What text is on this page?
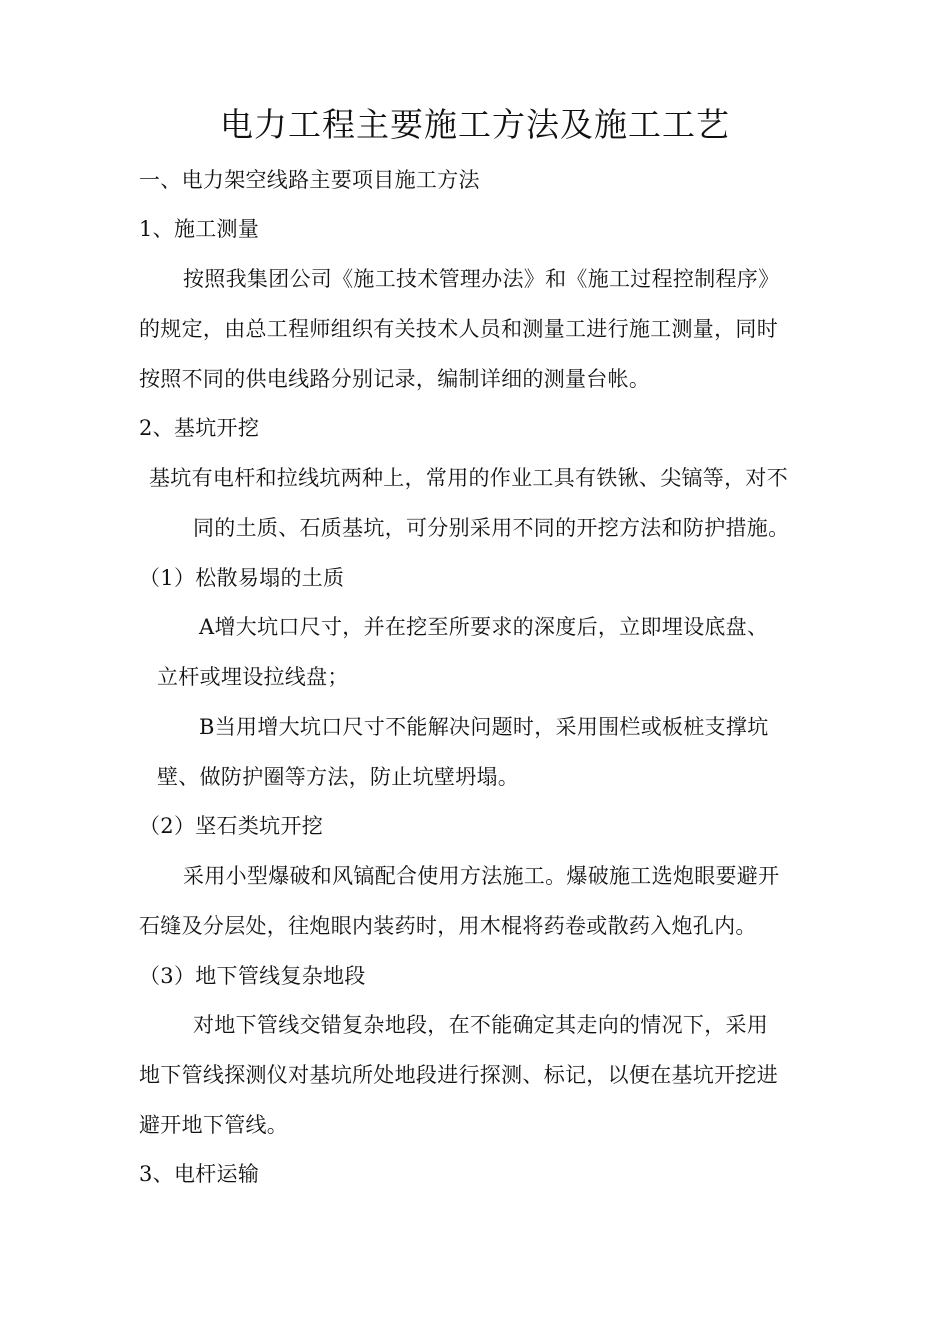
电力工程主要施工方法及施工工艺
一、电力架空线路主要项目施工方法
1、施工测量
按照我集团公司《施工技术管理办法》和《施工过程控制程序》
的规定，由总工程师组织有关技术人员和测量工进行施工测量，同时
按照不同的供电线路分别记录，编制详细的测量台帐。
2、基坑开挖
基坑有电杆和拉线坑两种上，常用的作业工具有铁锹、尖镐等，对不
同的土质、石质基坑，可分别采用不同的开挖方法和防护措施。
（1）松散易塌的土质
A增大坑口尺寸，并在挖至所要求的深度后，立即埋设底盘、
立杆或埋设拉线盘；
B当用增大坑口尺寸不能解决问题时，采用围栏或板桩支撑坑
壁、做防护圈等方法，防止坑壁坍塌。
（2）坚石类坑开挖
采用小型爆破和风镐配合使用方法施工。爆破施工选炮眼要避开
石缝及分层处，往炮眼内装药时，用木棍将药卷或散药入炮孔内。
（3）地下管线复杂地段
对地下管线交错复杂地段，在不能确定其走向的情况下，采用
地下管线探测仪对基坑所处地段进行探测、标记，以便在基坑开挖进
避开地下管线。
3、电杆运输
